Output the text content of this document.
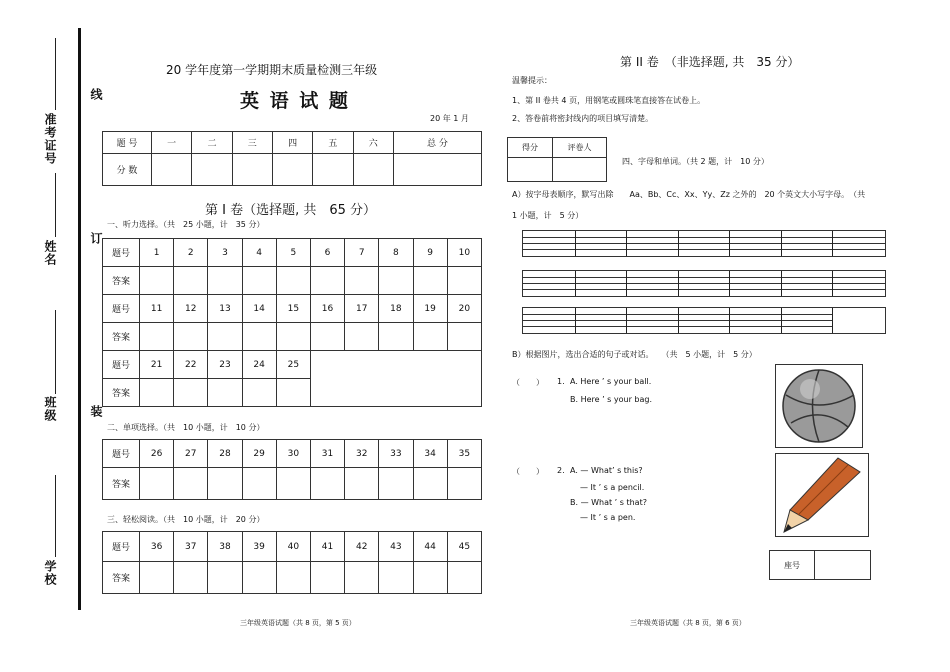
准考证号
姓名
班级
学校
线
订
装
20 学年度第一学期期末质量检测三年级
英 语 试 题
20 年 1 月
题 号	一	二	三	四	五	六	总 分
分 数							
第 I 卷（选择题, 共　65 分）
一、听力选择。（共　25 小题，计　35 分）
题号	1	2	3	4	5	6	7	8	9	10
答案										
题号	11	12	13	14	15	16	17	18	19	20
答案										
题号	21	22	23	24	25					
答案										
二、单项选择。（共　10 小题，计　10 分）
题号	26	27	28	29	30	31	32	33	34	35
答案										
三、轻松阅读。（共　10 小题，计　20 分）
题号	36	37	38	39	40	41	42	43	44	45
答案										
三年级英语试题（共 8 页，第 5 页）
第 II 卷　（非选择题, 共　35 分）
温馨提示：
1、第 II 卷共 4 页，用钢笔或圆珠笔直接答在试卷上。
2、答卷前将密封线内的项目填写清楚。
得分	评卷人

四、字母和单词。（共 2 题，计　10 分）
A）按字母表顺序，默写出除　　Aa、Bb、Cc、Xx、Yy、Zz 之外的　20 个英文大小写字母。　（共
1 小题，计　5 分）
B）根据图片，选出合适的句子或对话。　　（共　5 小题，计　5 分）
（　　） 1. A. Here ’ s your ball.
B. Here ’ s your bag.
（　　） 2. A. — What’ s this?
— It ’ s a pencil.
B. — What ’ s that?
— It ’ s a pen.
座号	
三年级英语试题（共 8 页，第 6 页）
